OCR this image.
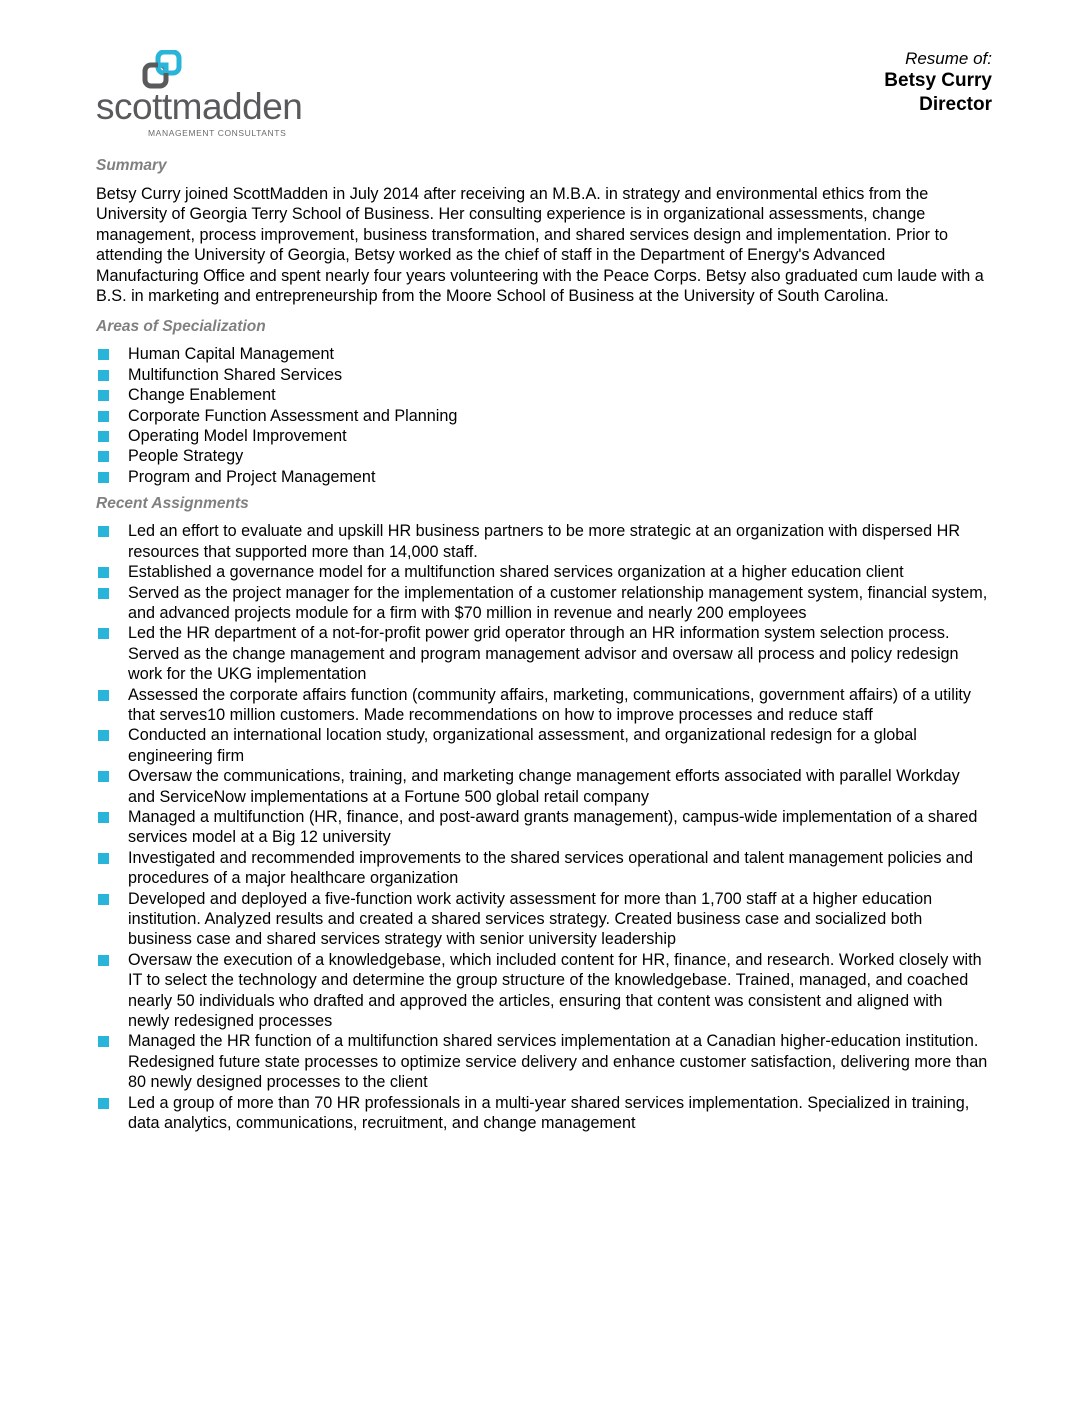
scottmadden
MANAGEMENT CONSULTANTS
Resume of:
Betsy Curry
Director
Summary

Betsy Curry joined ScottMadden in July 2014 after receiving an M.B.A. in strategy and environmental ethics from the University of Georgia Terry School of Business. Her consulting experience is in organizational assessments, change management, process improvement, business transformation, and shared services design and implementation. Prior to attending the University of Georgia, Betsy worked as the chief of staff in the Department of Energy's Advanced Manufacturing Office and spent nearly four years volunteering with the Peace Corps. Betsy also graduated cum laude with a B.S. in marketing and entrepreneurship from the Moore School of Business at the University of South Carolina.

Areas of Specialization
Human Capital Management
Multifunction Shared Services
Change Enablement
Corporate Function Assessment and Planning
Operating Model Improvement
People Strategy
Program and Project Management
Recent Assignments
Led an effort to evaluate and upskill HR business partners to be more strategic at an organization with dispersed HR resources that supported more than 14,000 staff.
Established a governance model for a multifunction shared services organization at a higher education client
Served as the project manager for the implementation of a customer relationship management system, financial system, and advanced projects module for a firm with $70 million in revenue and nearly 200 employees
Led the HR department of a not-for-profit power grid operator through an HR information system selection process. Served as the change management and program management advisor and oversaw all process and policy redesign work for the UKG implementation
Assessed the corporate affairs function (community affairs, marketing, communications, government affairs) of a utility that serves10 million customers. Made recommendations on how to improve processes and reduce staff
Conducted an international location study, organizational assessment, and organizational redesign for a global engineering firm
Oversaw the communications, training, and marketing change management efforts associated with parallel Workday and ServiceNow implementations at a Fortune 500 global retail company
Managed a multifunction (HR, finance, and post-award grants management), campus-wide implementation of a shared services model at a Big 12 university
Investigated and recommended improvements to the shared services operational and talent management policies and procedures of a major healthcare organization
Developed and deployed a five-function work activity assessment for more than 1,700 staff at a higher education institution. Analyzed results and created a shared services strategy. Created business case and socialized both business case and shared services strategy with senior university leadership
Oversaw the execution of a knowledgebase, which included content for HR, finance, and research. Worked closely with IT to select the technology and determine the group structure of the knowledgebase. Trained, managed, and coached nearly 50 individuals who drafted and approved the articles, ensuring that content was consistent and aligned with newly redesigned processes
Managed the HR function of a multifunction shared services implementation at a Canadian higher-education institution. Redesigned future state processes to optimize service delivery and enhance customer satisfaction, delivering more than 80 newly designed processes to the client
Led a group of more than 70 HR professionals in a multi-year shared services implementation. Specialized in training, data analytics, communications, recruitment, and change management
